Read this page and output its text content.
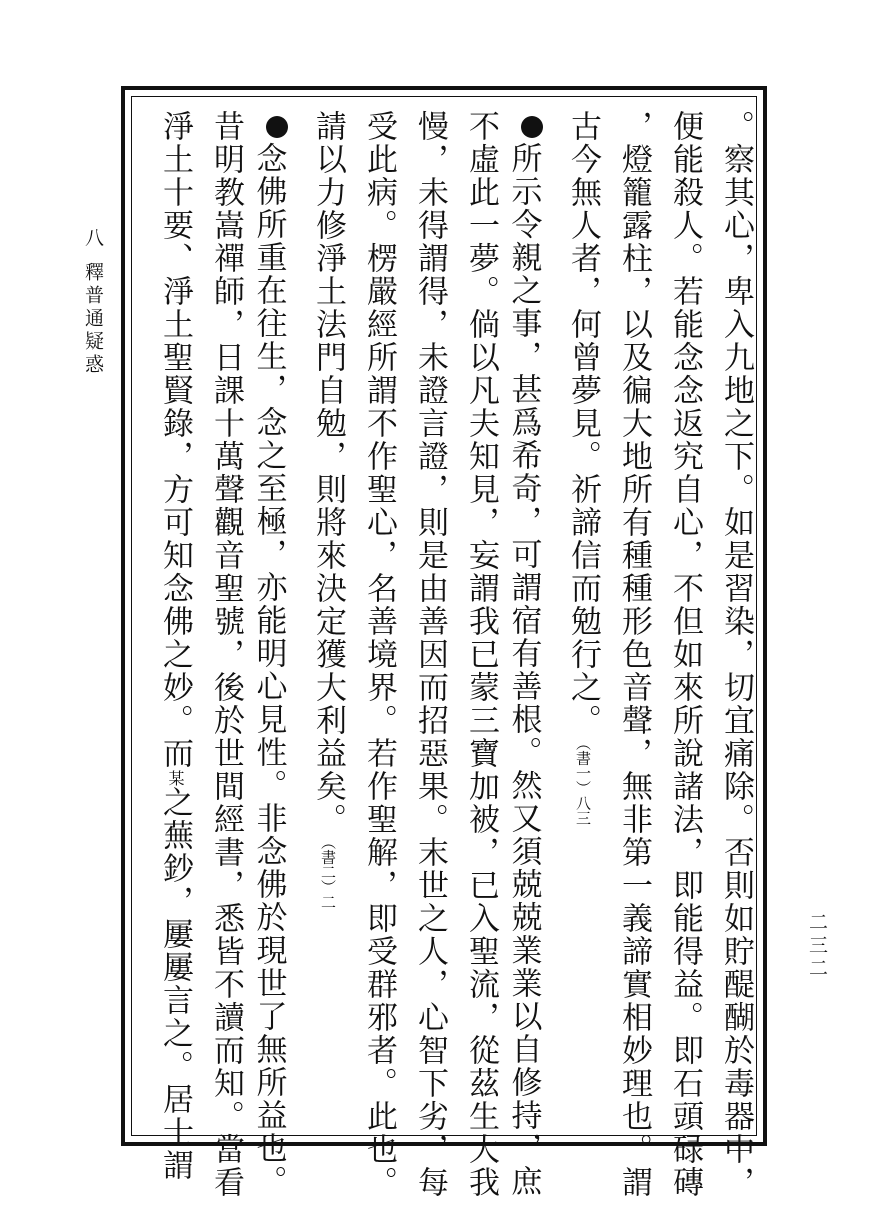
八
釋普通疑惑
二三二
。察其心，卑入九地之下。如是習染，切宜痛除。否則如貯醍醐於毒器中，
便能殺人。若能念念返究自心，不但如來所說諸法，即能得益。即石頭碌磚
，燈籠露柱，以及徧大地所有種種形色音聲，無非第一義諦實相妙理也。謂
古今無人者，何曾夢見。祈諦信而勉行之。（書一）八三
所示令親之事，甚爲希奇，可謂宿有善根。然又須兢兢業業以自修持，庶
不虛此一夢。倘以凡夫知見，妄謂我已蒙三寶加被，已入聖流，從茲生大我
慢，未得謂得，未證言證，則是由善因而招惡果。末世之人，心智下劣，每
受此病。楞嚴經所謂不作聖心，名善境界。若作聖解，即受群邪者。此也。
請以力修淨土法門自勉，則將來決定獲大利益矣。（書二）二
念佛所重在往生，念之至極，亦能明心見性。非念佛於現世了無所益也。
昔明教嵩禪師，日課十萬聲觀音聖號，後於世間經書，悉皆不讀而知。當看
淨土十要、淨土聖賢錄，方可知念佛之妙。而某之蕪鈔，屢屢言之。居士謂
